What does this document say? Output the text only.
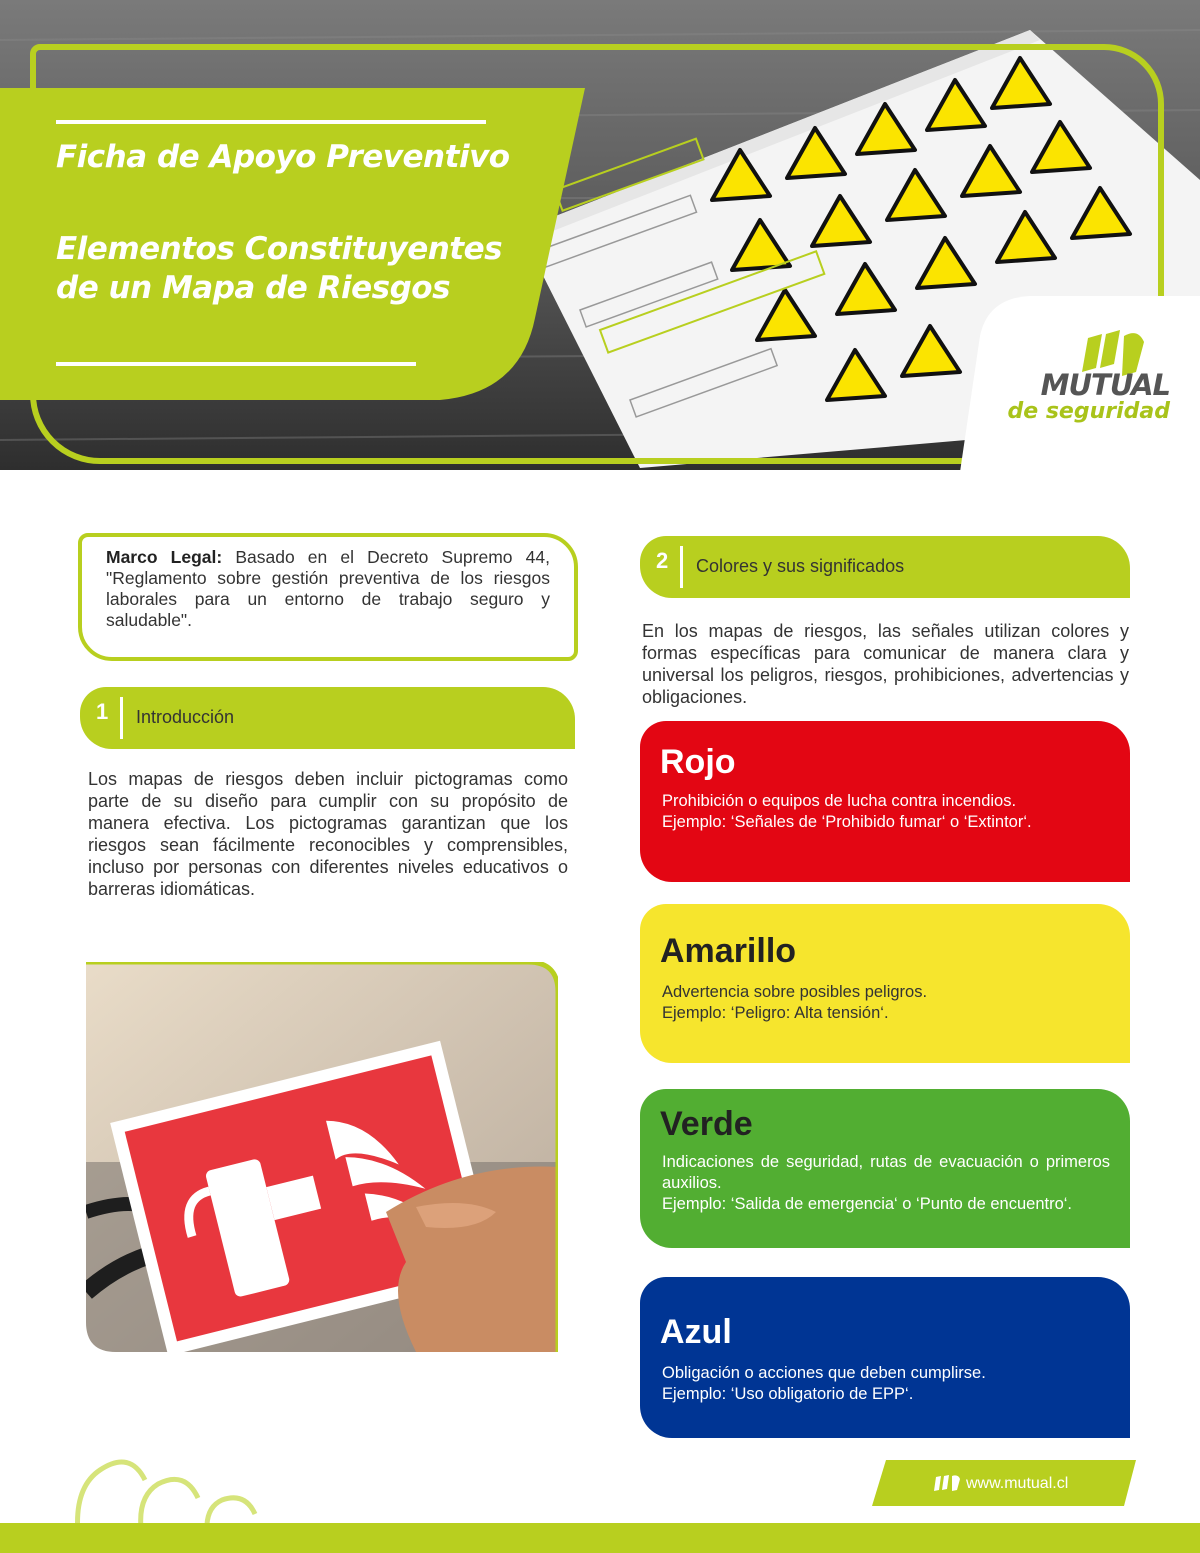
Ficha de Apoyo Preventivo
Elementos Constituyentes de un Mapa de Riesgos
MUTUAL
de seguridad

Marco Legal: Basado en el Decreto Supremo 44, "Reglamento sobre gestión preventiva de los riesgos laborales para un entorno de trabajo seguro y saludable".

1 Introducción

Los mapas de riesgos deben incluir pictogramas como parte de su diseño para cumplir con su propósito de manera efectiva. Los pictogramas garantizan que los riesgos sean fácilmente reconocibles y comprensibles, incluso por personas con diferentes niveles educativos o barreras idiomáticas.

2 Colores y sus significados

En los mapas de riesgos, las señales utilizan colores y formas específicas para comunicar de manera clara y universal los peligros, riesgos, prohibiciones, advertencias y obligaciones.

Rojo
Prohibición o equipos de lucha contra incendios.
Ejemplo: ‘Señales de ‘Prohibido fumar‘ o ‘Extintor‘.
Amarillo
Advertencia sobre posibles peligros.
Ejemplo: ‘Peligro: Alta tensión‘.
Verde
Indicaciones de seguridad, rutas de evacuación o primeros auxilios.
Ejemplo: ‘Salida de emergencia‘ o ‘Punto de encuentro‘.
Azul
Obligación o acciones que deben cumplirse.
Ejemplo: ‘Uso obligatorio de EPP‘.
www.mutual.cl
